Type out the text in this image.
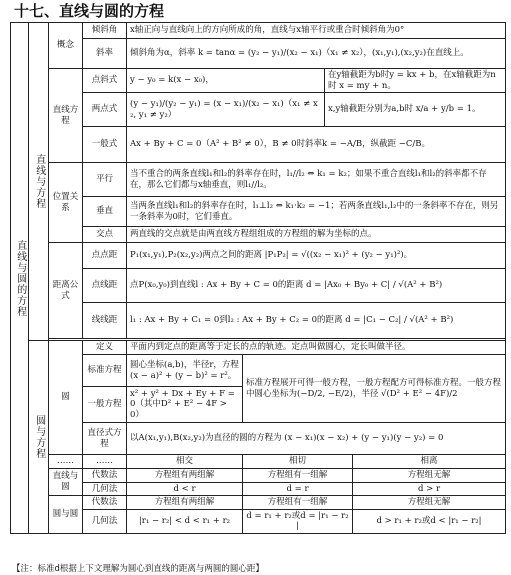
十七、直线与圆的方程
直线与圆的方程	直线与方程	概念	倾斜角	x轴正向与直线向上的方向所成的角，直线与x轴平行或重合时倾斜角为0°			
			斜率	倾斜角为α，斜率 k = tanα = (y₂ − y₁)/(x₂ − x₁)（x₁ ≠ x₂），(x₁,y₁),(x₂,y₂)在直线上。			
		直线方程	点斜式	y − y₀ = k(x − x₀)，		在y轴截距为b时y = kx + b，在x轴截距为n时 x = my + n。	
			两点式	(y − y₁)/(y₂ − y₁) = (x − x₁)/(x₂ − x₁)（x₁ ≠ x₂, y₁ ≠ y₂）		x,y轴截距分别为a,b时 x/a + y/b = 1。	
			一般式	Ax + By + C = 0（A² + B² ≠ 0），B ≠ 0时斜率k = −A/B，纵截距 −C/B。			
		位置关系	平行	当不重合的两条直线l₁和l₂的斜率存在时，l₁//l₂ ⇔ k₁ = k₂；如果不重合直线l₁和l₂的斜率都不存在，那么它们都与x轴垂直，则l₁//l₂。			
			垂直	当两条直线l₁和l₂的斜率存在时，l₁⊥l₂ ⇔ k₁·k₂ = −1；若两条直线l₁,l₂中的一条斜率不存在，则另一条斜率为0时，它们垂直。			
			交点	两直线的交点就是由两直线方程组组成的方程组的解为坐标的点。			
		距离公式	点点距	P₁(x₁,y₁),P₂(x₂,y₂)两点之间的距离 |P₁P₂| = √((x₂ − x₁)² + (y₂ − y₁)²)。			
			点线距	点P(x₀,y₀)到直线l : Ax + By + C = 0的距离 d = |Ax₀ + By₀ + C| / √(A² + B²)			
			线线距	l₁ : Ax + By + C₁ = 0到l₂ : Ax + By + C₂ = 0的距离 d = |C₁ − C₂| / √(A² + B²)			

	圆与方程	圆	定义	平面内到定点的距离等于定长的点的轨迹。定点叫做圆心，定长叫做半径。			
			标准方程	圆心坐标(a,b)，半径r，方程(x − a)² + (y − b)² = r²。	标准方程展开可得一般方程，一般方程配方可得标准方程。一般方程中圆心坐标为(−D/2, −E/2)，半径 √(D² + E² − 4F)/2		
			一般方程	x² + y² + Dx + Ey + F = 0（其中D² + E² − 4F > 0）			
			直径式方程	以A(x₁,y₁),B(x₂,y₂)为直径的圆的方程为 (x − x₁)(x − x₂) + (y − y₁)(y − y₂) = 0			
		……	……	相交	相切		相离
		直线与圆	代数法	方程组有两组解	方程组有一组解		方程组无解
			几何法	d < r	d = r		d > r
		圆与圆	代数法	方程组有两组解	方程组有一组解		方程组无解
			几何法	|r₁ − r₂| < d < r₁ + r₂	d = r₁ + r₂或d = |r₁ − r₂|		d > r₁ + r₂或d < |r₁ − r₂|
【注：标准d根据上下文理解为圆心到直线的距离与两圆的圆心距】
